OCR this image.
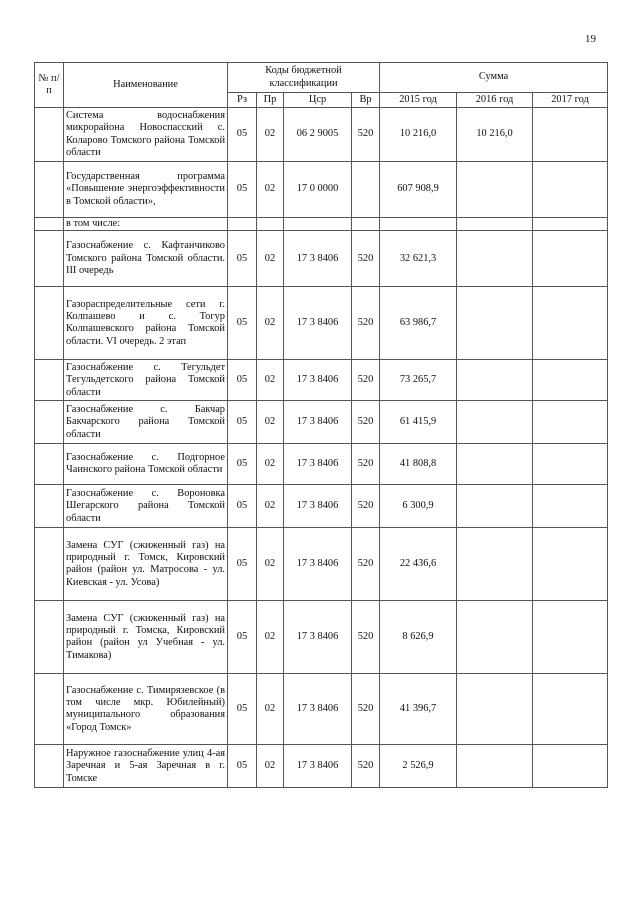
19
№ п/п	Наименование	Коды бюджетной классификации				Сумма		
		Рз	Пр	Цср	Вр	2015 год	2016 год	2017 год
	Система водоснабжения микрорайона Новоспасский с. Коларово Томского района Томской области	05	02	06 2 9005	520	10 216,0	10 216,0	
	Государственная программа «Повышение энергоэффективности в Томской области»,	05	02	17 0 0000		607 908,9		
	в том числе:							
	Газоснабжение с. Кафтанчиково Томского района Томской области. III очередь	05	02	17 3 8406	520	32 621,3		
	Газораспределительные сети г. Колпашево и с. Тогур Колпашевского района Томской области. VI очередь. 2 этап	05	02	17 3 8406	520	63 986,7		
	Газоснабжение с. Тегульдет Тегульдетского района Томской области	05	02	17 3 8406	520	73 265,7		
	Газоснабжение с. Бакчар Бакчарского района Томской области	05	02	17 3 8406	520	61 415,9		
	Газоснабжение с. Подгорное Чаинского района Томской области	05	02	17 3 8406	520	41 808,8		
	Газоснабжение с. Вороновка Шегарского района Томской области	05	02	17 3 8406	520	6 300,9		
	Замена СУГ (сжиженный газ) на природный г. Томск, Кировский район (район ул. Матросова - ул. Киевская - ул. Усова)	05	02	17 3 8406	520	22 436,6		
	Замена СУГ (сжиженный газ) на природный г. Томска, Кировский район (район ул Учебная - ул. Тимакова)	05	02	17 3 8406	520	8 626,9		
	Газоснабжение с. Тимирязевское (в том числе мкр. Юбилейный) муниципального образования «Город Томск»	05	02	17 3 8406	520	41 396,7		
	Наружное газоснабжение улиц 4-ая Заречная и 5-ая Заречная в г. Томске	05	02	17 3 8406	520	2 526,9		
